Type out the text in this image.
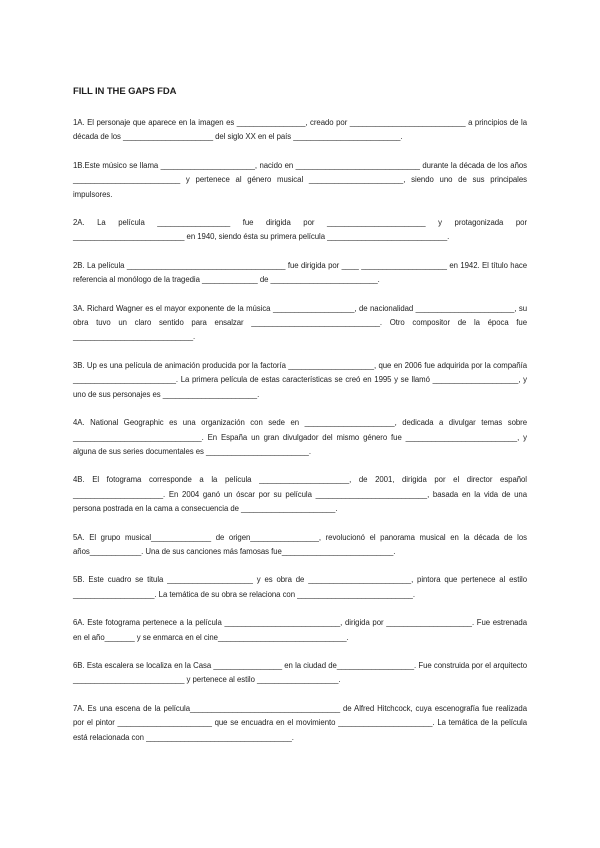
FILL IN THE GAPS FDA

1A. El personaje que aparece en la imagen es ________________, creado por ___________________________ a principios de la década de los _____________________ del siglo XX en el país _________________________.

1B.Este músico se llama ______________________, nacido en _____________________________ durante la década de los años _________________________ y pertenece al género musical ______________________, siendo uno de sus principales impulsores.

2A. La película _________________ fue dirigida por _______________________ y protagonizada por __________________________ en 1940, siendo ésta su primera película ____________________________.

2B. La película _____________________________________ fue dirigida por ____ ____________________ en 1942. El título hace referencia al monólogo de la tragedia _____________ de _________________________.

3A. Richard Wagner es el mayor exponente de la música ___________________, de nacionalidad _______________________, su obra tuvo un claro sentido para ensalzar ______________________________. Otro compositor de la época fue ____________________________.

3B. Up es una película de animación producida por la factoría ____________________, que en 2006 fue adquirida por la compañía ________________________. La primera película de estas características se creó en 1995 y se llamó ____________________, y uno de sus personajes es ______________________.

4A. National Geographic es una organización con sede en _____________________, dedicada a divulgar temas sobre ______________________________. En España un gran divulgador del mismo género fue __________________________, y alguna de sus series documentales es ________________________.

4B. El fotograma corresponde a la película _____________________, de 2001, dirigida por el director español _____________________. En 2004 ganó un óscar por su película __________________________, basada en la vida de una persona postrada en la cama a consecuencia de ______________________.

5A. El grupo musical______________ de origen________________, revolucionó el panorama musical en la década de los años____________. Una de sus canciones más famosas fue__________________________.

5B. Este cuadro se titula ____________________ y es obra de ________________________, pintora que pertenece al estilo ___________________. La temática de su obra se relaciona con ___________________________.

6A. Este fotograma pertenece a la película ___________________________, dirigida por ____________________. Fue estrenada en el año_______ y se enmarca en el cine______________________________.

6B. Esta escalera se localiza en la Casa ________________ en la ciudad de__________________. Fue construida por el arquitecto __________________________ y pertenece al estilo ___________________.

7A. Es una escena de la película___________________________________ de Alfred Hitchcock, cuya escenografía fue realizada por el pintor ______________________ que se encuadra en el movimiento ______________________. La temática de la película está relacionada con __________________________________.
